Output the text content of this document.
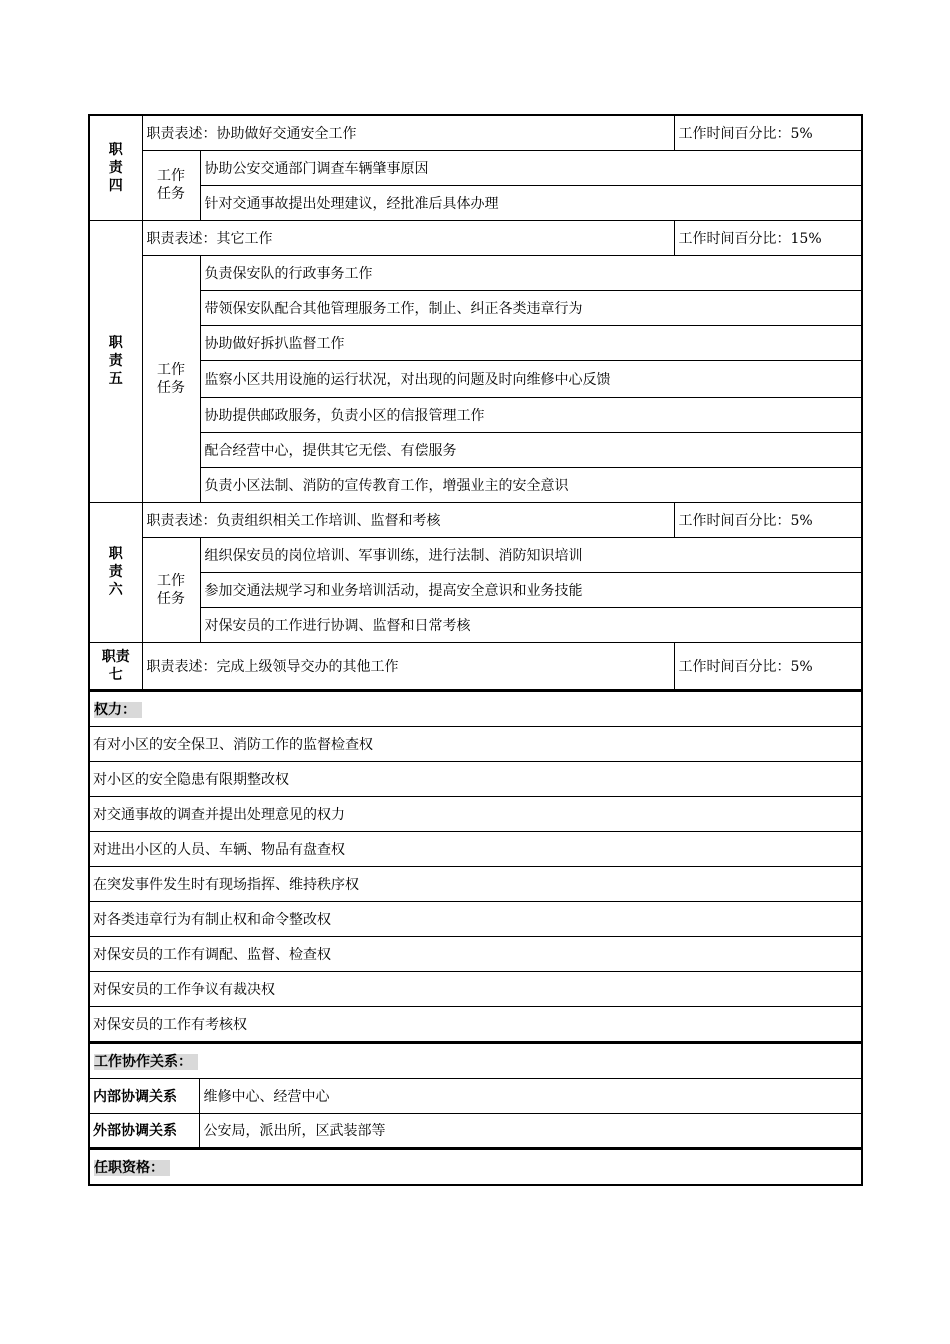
职
责
四	职责表述：协助做好交通安全工作		工作时间百分比：5%
	工作
任务	协助公安交通部门调查车辆肇事原因	
		针对交通事故提出处理建议，经批准后具体办理	
职
责
五	职责表述：其它工作		工作时间百分比：15%
	工作
任务	负责保安队的行政事务工作	
		带领保安队配合其他管理服务工作，制止、纠正各类违章行为	
		协助做好拆扒监督工作	
		监察小区共用设施的运行状况，对出现的问题及时向维修中心反馈	
		协助提供邮政服务，负责小区的信报管理工作	
		配合经营中心，提供其它无偿、有偿服务	
		负责小区法制、消防的宣传教育工作，增强业主的安全意识	
职
责
六	职责表述：负责组织相关工作培训、监督和考核		工作时间百分比：5%
	工作
任务	组织保安员的岗位培训、军事训练，进行法制、消防知识培训	
		参加交通法规学习和业务培训活动，提高安全意识和业务技能	
		对保安员的工作进行协调、监督和日常考核	
职责
七	职责表述：完成上级领导交办的其他工作		工作时间百分比：5%
权力：
有对小区的安全保卫、消防工作的监督检查权
对小区的安全隐患有限期整改权
对交通事故的调查并提出处理意见的权力
对进出小区的人员、车辆、物品有盘查权
在突发事件发生时有现场指挥、维持秩序权
对各类违章行为有制止权和命令整改权
对保安员的工作有调配、监督、检查权
对保安员的工作争议有裁决权
对保安员的工作有考核权
工作协作关系：	
内部协调关系	维修中心、经营中心
外部协调关系	公安局，派出所，区武装部等
任职资格：
